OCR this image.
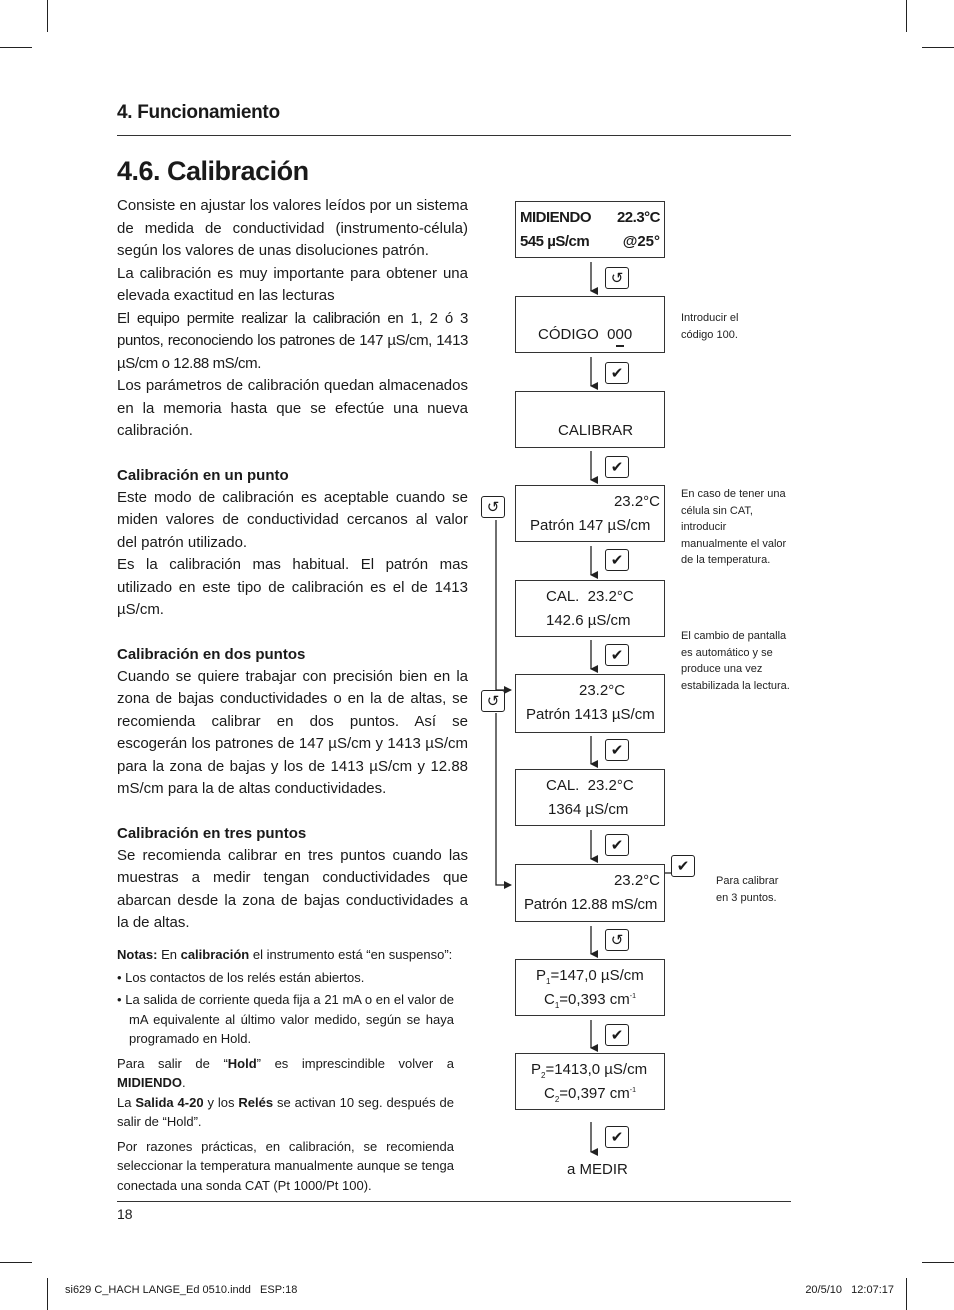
4. Funcionamiento
4.6. Calibración

Consiste en ajustar los valores leídos por un sistema de medida de conductividad (instrumento-célula) según los valores de unas disoluciones patrón.

La calibración es muy importante para obtener una elevada exactitud en las lecturas

El equipo permite realizar la calibración en 1, 2 ó 3 puntos, reconociendo los patrones de 147 µS/cm, 1413 µS/cm o 12.88 mS/cm.

Los parámetros de calibración quedan almacenados en la memoria hasta que se efectúe una nueva calibración.

Calibración en un punto

Este modo de calibración es aceptable cuando se miden valores de conductividad cercanos al valor del patrón utilizado.

Es la calibración mas habitual. El patrón mas utilizado en este tipo de calibración es el de 1413 µS/cm.

Calibración en dos puntos

Cuando se quiere trabajar con precisión bien en la zona de bajas conductividades o en la de altas, se recomienda calibrar en dos puntos. Así se escogerán los patrones de 147 µS/cm y 1413 µS/cm para la zona de bajas y los de 1413 µS/cm y 12.88 mS/cm para la de altas conductividades.

Calibración en tres puntos

Se recomienda calibrar en tres puntos cuando las muestras a medir tengan conductividades que abarcan desde la zona de bajas conductividades a la de altas.

Notas: En calibración el instrumento está “en suspenso”:

• Los contactos de los relés están abiertos.

• La salida de corriente queda fija a 21 mA o en el valor de mA equivalente al último valor medido, según se haya programado en Hold.

Para salir de “Hold” es imprescindible volver a MIDIENDO.
La Salida 4-20 y los Relés se activan 10 seg. después de salir de “Hold”.

Por razones prácticas, en calibración, se recomienda seleccionar la temperatura manualmente aunque se tenga conectada una sonda CAT (Pt 1000/Pt 100).

MIDIENDO 22.3°C
545 µS/cm @25°
CÓDIGO  000
CALIBRAR
23.2°C
Patrón 147 µS/cm
CAL.  23.2°C
142.6 µS/cm
23.2°C
Patrón 1413 µS/cm
CAL.  23.2°C
1364 µS/cm
23.2°C
Patrón 12.88 mS/cm
$P_1=147,0$ µS/cm
$C_1=0,393$ $cm^{-1}$
$P_2=1413,0$ µS/cm
$C_2=0,397$ $cm^{-1}$
a MEDIR
↺
✔
✔
✔
✔
✔
✔
↺
✔
✔
↺
↺
✔
Introducir el código 100.
En caso de tener una célula sin CAT, introducir manualmente el valor de la temperatura.
El cambio de pantalla es automático y se produce una vez estabilizada la lectura.
Para calibrar en 3 puntos.
18
si629 C_HACH LANGE_Ed 0510.indd   ESP:18	20/5/10   12:07:17
